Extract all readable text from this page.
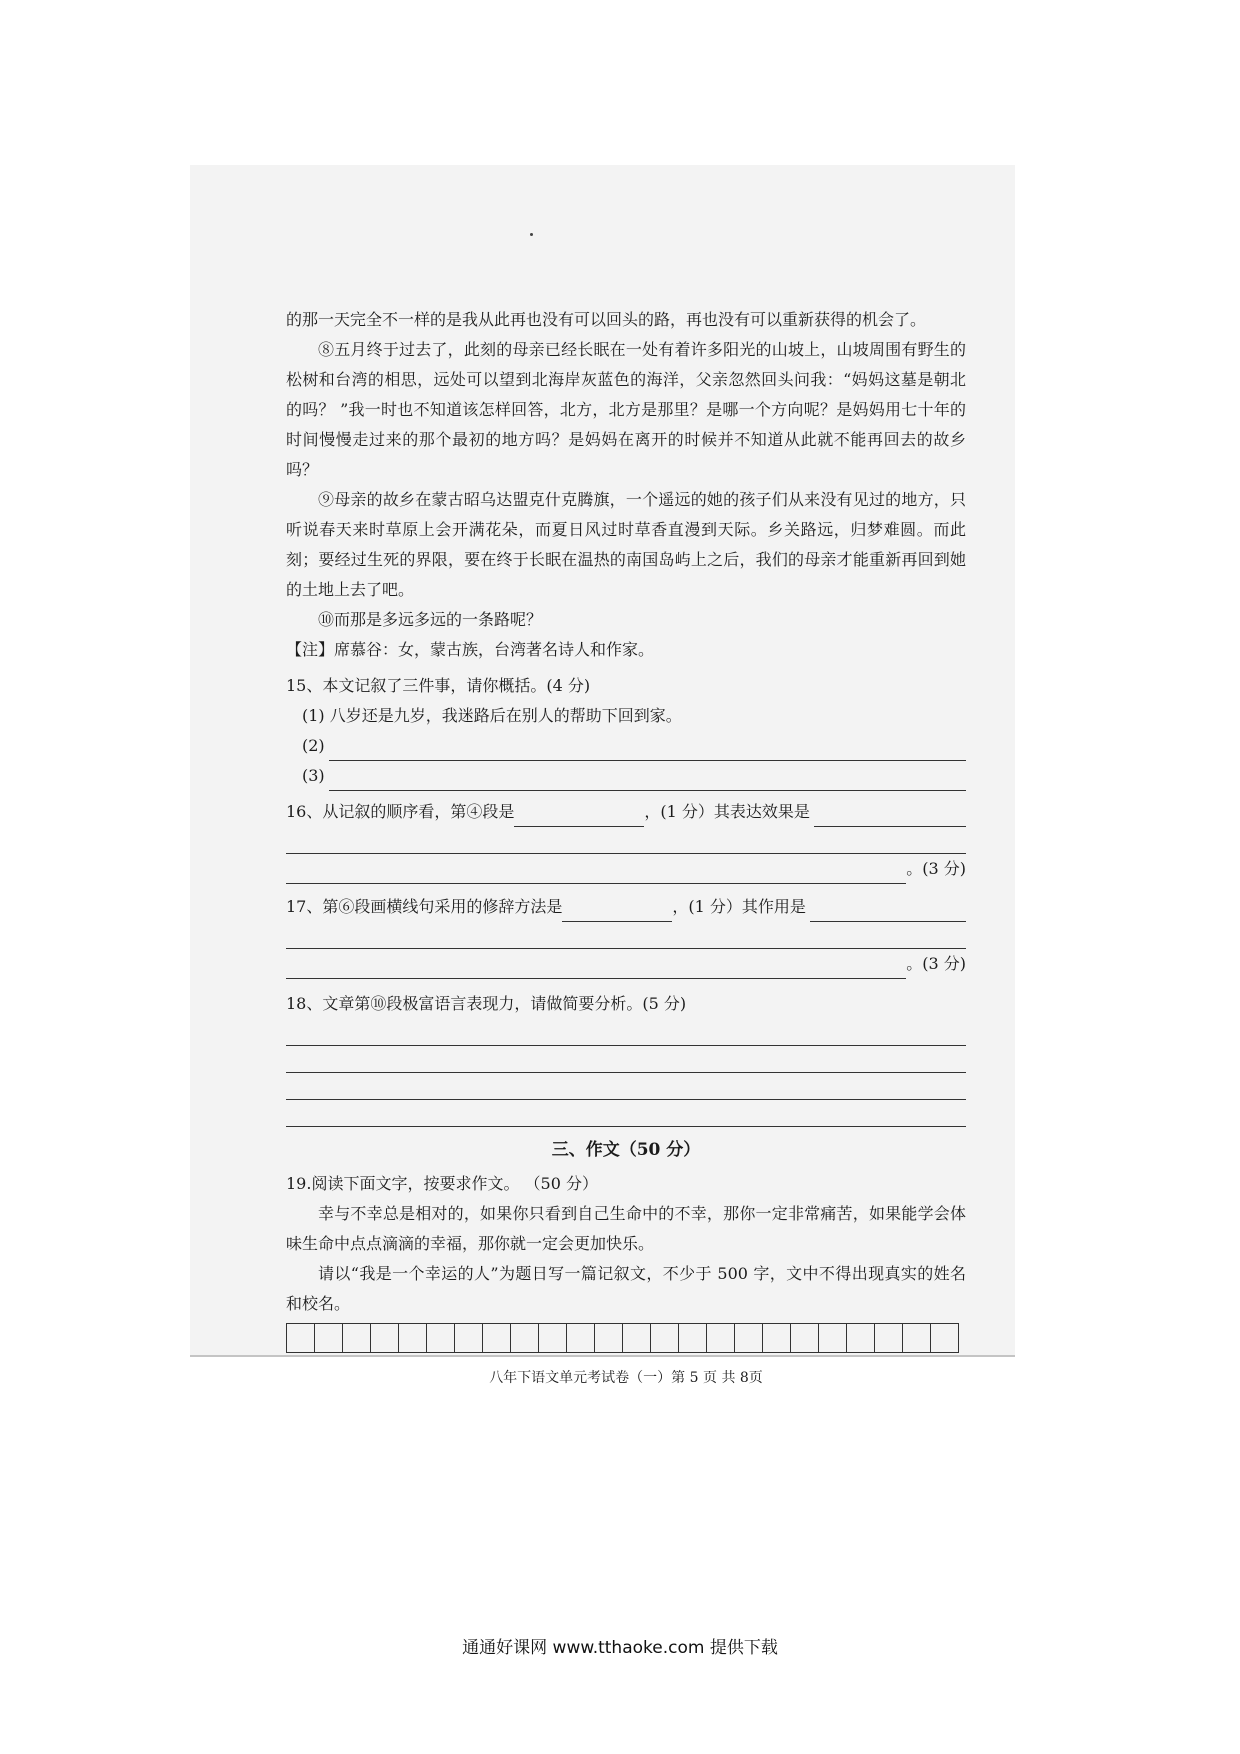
的那一天完全不一样的是我从此再也没有可以回头的路，再也没有可以重新获得的机会了。

⑧五月终于过去了，此刻的母亲已经长眠在一处有着许多阳光的山坡上，山坡周围有野生的松树和台湾的相思，远处可以望到北海岸灰蓝色的海洋，父亲忽然回头问我：“妈妈这墓是朝北的吗？ ”我一时也不知道该怎样回答，北方，北方是那里？是哪一个方向呢？是妈妈用七十年的时间慢慢走过来的那个最初的地方吗？是妈妈在离开的时候并不知道从此就不能再回去的故乡吗？

⑨母亲的故乡在蒙古昭乌达盟克什克腾旗，一个遥远的她的孩子们从来没有见过的地方，只听说春天来时草原上会开满花朵，而夏日风过时草香直漫到天际。乡关路远，归梦难圆。而此刻；要经过生死的界限，要在终于长眠在温热的南国岛屿上之后，我们的母亲才能重新再回到她的土地上去了吧。

⑩而那是多远多远的一条路呢？

【注】席慕谷：女，蒙古族，台湾著名诗人和作家。

15、本文记叙了三件事，请你概括。(4 分)

(1) 八岁还是九岁，我迷路后在别人的帮助下回到家。

(2)
(3)
16、从记叙的顺序看，第④段是	，(1 分）其表达效果是
。(3 分)
17、第⑥段画横线句采用的修辞方法是	，(1 分）其作用是
。(3 分)

18、文章第⑩段极富语言表现力，请做简要分析。(5 分)

三、作文（50 分）

19.阅读下面文字，按要求作文。 （50 分）

幸与不幸总是相对的，如果你只看到自己生命中的不幸，那你一定非常痛苦，如果能学会体味生命中点点滴滴的幸福，那你就一定会更加快乐。

请以“我是一个幸运的人”为题日写一篇记叙文，不少于 500 字，文中不得出现真实的姓名和校名。

八年下语文单元考试卷（一）第 5 页 共 8页
通通好课网 www.tthaoke.com 提供下载
